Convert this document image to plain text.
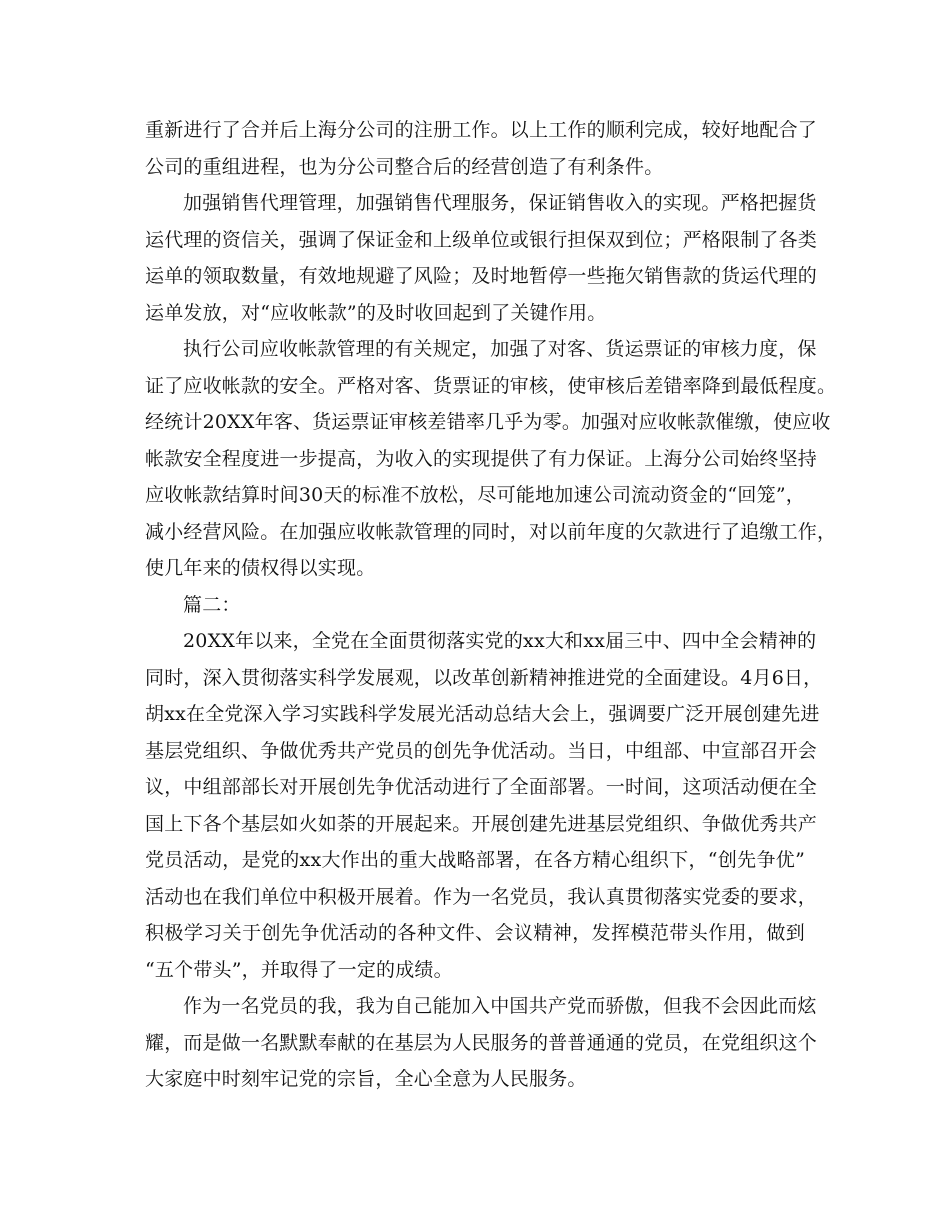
重新进行了合并后上海分公司的注册工作。以上工作的顺利完成，较好地配合了
公司的重组进程，也为分公司整合后的经营创造了有利条件。
加强销售代理管理，加强销售代理服务，保证销售收入的实现。严格把握货
运代理的资信关，强调了保证金和上级单位或银行担保双到位；严格限制了各类
运单的领取数量，有效地规避了风险；及时地暂停一些拖欠销售款的货运代理的
运单发放，对“应收帐款”的及时收回起到了关键作用。
执行公司应收帐款管理的有关规定，加强了对客、货运票证的审核力度，保
证了应收帐款的安全。严格对客、货票证的审核，使审核后差错率降到最低程度。
经统计20XX年客、货运票证审核差错率几乎为零。加强对应收帐款催缴，使应收
帐款安全程度进一步提高，为收入的实现提供了有力保证。上海分公司始终坚持
应收帐款结算时间30天的标准不放松，尽可能地加速公司流动资金的“回笼”，
减小经营风险。在加强应收帐款管理的同时，对以前年度的欠款进行了追缴工作，
使几年来的债权得以实现。
篇二：
20XX年以来，全党在全面贯彻落实党的xx大和xx届三中、四中全会精神的
同时，深入贯彻落实科学发展观，以改革创新精神推进党的全面建设。4月6日，
胡xx在全党深入学习实践科学发展光活动总结大会上，强调要广泛开展创建先进
基层党组织、争做优秀共产党员的创先争优活动。当日，中组部、中宣部召开会
议，中组部部长对开展创先争优活动进行了全面部署。一时间，这项活动便在全
国上下各个基层如火如荼的开展起来。开展创建先进基层党组织、争做优秀共产
党员活动，是党的xx大作出的重大战略部署，在各方精心组织下，“创先争优”
活动也在我们单位中积极开展着。作为一名党员，我认真贯彻落实党委的要求，
积极学习关于创先争优活动的各种文件、会议精神，发挥模范带头作用，做到
“五个带头”，并取得了一定的成绩。
作为一名党员的我，我为自己能加入中国共产党而骄傲，但我不会因此而炫
耀，而是做一名默默奉献的在基层为人民服务的普普通通的党员，在党组织这个
大家庭中时刻牢记党的宗旨，全心全意为人民服务。
